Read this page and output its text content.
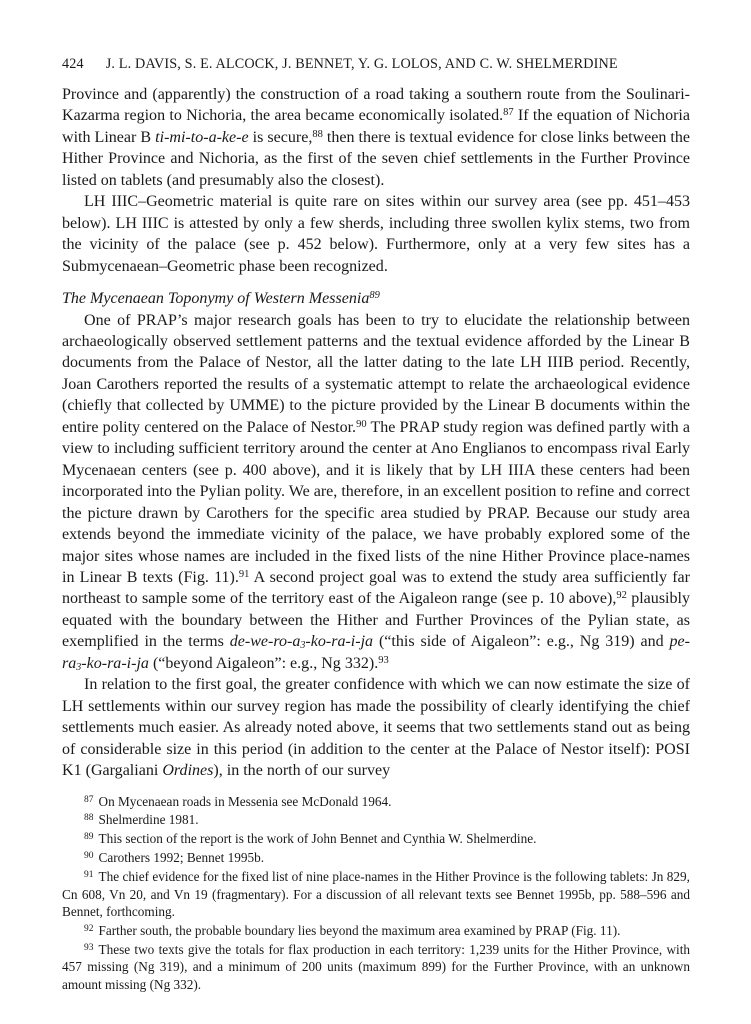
424 J. L. DAVIS, S. E. ALCOCK, J. BENNET, Y. G. LOLOS, AND C. W. SHELMERDINE

Province and (apparently) the construction of a road taking a southern route from the Soulinari-Kazarma region to Nichoria, the area became economically isolated.$^{87}$ If the equation of Nichoria with Linear B ti-mi-to-a-ke-e is secure,$^{88}$ then there is textual evidence for close links between the Hither Province and Nichoria, as the first of the seven chief settlements in the Further Province listed on tablets (and presumably also the closest).

LH IIIC–Geometric material is quite rare on sites within our survey area (see pp. 451–453 below). LH IIIC is attested by only a few sherds, including three swollen kylix stems, two from the vicinity of the palace (see p. 452 below). Furthermore, only at a very few sites has a Submycenaean–Geometric phase been recognized.

The Mycenaean Toponymy of Western Messenia$^{89}$

One of PRAP’s major research goals has been to try to elucidate the relationship between archaeologically observed settlement patterns and the textual evidence afforded by the Linear B documents from the Palace of Nestor, all the latter dating to the late LH IIIB period. Recently, Joan Carothers reported the results of a systematic attempt to relate the archaeological evidence (chiefly that collected by UMME) to the picture provided by the Linear B documents within the entire polity centered on the Palace of Nestor.$^{90}$ The PRAP study region was defined partly with a view to including sufficient territory around the center at Ano Englianos to encompass rival Early Mycenaean centers (see p. 400 above), and it is likely that by LH IIIA these centers had been incorporated into the Pylian polity. We are, therefore, in an excellent position to refine and correct the picture drawn by Carothers for the specific area studied by PRAP. Because our study area extends beyond the immediate vicinity of the palace, we have probably explored some of the major sites whose names are included in the fixed lists of the nine Hither Province place-names in Linear B texts (Fig. 11).$^{91}$ A second project goal was to extend the study area sufficiently far northeast to sample some of the territory east of the Aigaleon range (see p. 10 above),$^{92}$ plausibly equated with the boundary between the Hither and Further Provinces of the Pylian state, as exemplified in the terms $de-we-ro-a_3-ko-ra-i-ja$ (“this side of Aigaleon”: e.g., Ng 319) and $pe-ra_3-ko-ra-i-ja$ (“beyond Aigaleon”: e.g., Ng 332).$^{93}$

In relation to the first goal, the greater confidence with which we can now estimate the size of LH settlements within our survey region has made the possibility of clearly identifying the chief settlements much easier. As already noted above, it seems that two settlements stand out as being of considerable size in this period (in addition to the center at the Palace of Nestor itself): POSI K1 (Gargaliani Ordines), in the north of our survey

$^{87}$ On Mycenaean roads in Messenia see McDonald 1964.

$^{88}$ Shelmerdine 1981.

$^{89}$ This section of the report is the work of John Bennet and Cynthia W. Shelmerdine.

$^{90}$ Carothers 1992; Bennet 1995b.

$^{91}$ The chief evidence for the fixed list of nine place-names in the Hither Province is the following tablets: Jn 829, Cn 608, Vn 20, and Vn 19 (fragmentary). For a discussion of all relevant texts see Bennet 1995b, pp. 588–596 and Bennet, forthcoming.

$^{92}$ Farther south, the probable boundary lies beyond the maximum area examined by PRAP (Fig. 11).

$^{93}$ These two texts give the totals for flax production in each territory: 1,239 units for the Hither Province, with 457 missing (Ng 319), and a minimum of 200 units (maximum 899) for the Further Province, with an unknown amount missing (Ng 332).
